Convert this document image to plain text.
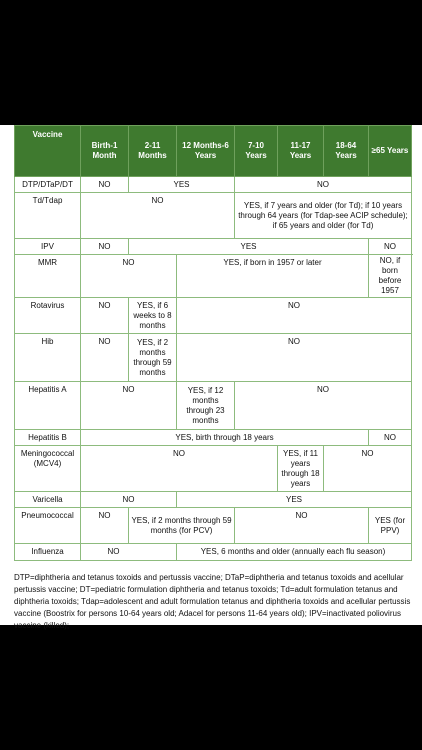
Vaccine	Birth-1 Month	2-11 Months	12 Months-6 Years	7-10 Years	11-17 Years	18-64 Years	≥65 Years
DTP/DTaP/DT	NO	YES		NO			
Td/Tdap	NO			YES, if 7 years and older (for Td); if 10 years through 64 years (for Tdap-see ACIP schedule); if 65 years and older (for Td)			
IPV	NO	YES					NO
MMR	NO		YES, if born in 1957 or later				NO, if born before 1957
Rotavirus	NO	YES, if 6 weeks to 8 months	NO				
Hib	NO	YES, if 2 months through 59 months	NO				
Hepatitis A	NO		YES, if 12 months through 23 months	NO			
Hepatitis B	YES, birth through 18 years						NO
Meningococcal (MCV4)	NO				YES, if 11 years through 18 years	NO	
Varicella	NO		YES				
Pneumococcal	NO	YES, if 2 months through 59 months (for PCV)		NO			YES (for PPV)
Influenza	NO		YES, 6 months and older (annually each flu season)				
DTP=diphtheria and tetanus toxoids and pertussis vaccine; DTaP=diphtheria and tetanus toxoids and acellular pertussis vaccine; DT=pediatric formulation diphtheria and tetanus toxoids; Td=adult formulation tetanus and diphtheria toxoids; Tdap=adolescent and adult formulation tetanus and diphtheria toxoids and acellular pertussis vaccine (Boostrix for persons 10-64 years old; Adacel for persons 11-64 years old); IPV=inactivated poliovirus vaccine (killed);
